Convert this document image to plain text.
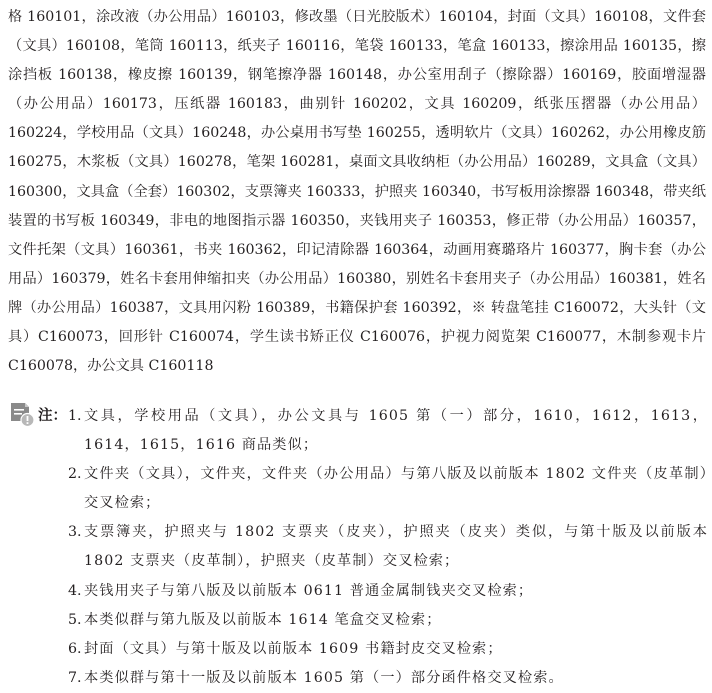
格 160101，涂改液（办公用品）160103，修改墨（日光胶版术）160104，封面（文具）160108，文件套（文具）160108，笔筒 160113，纸夹子 160116，笔袋 160133，笔盒 160133，擦涂用品 160135，擦涂挡板 160138，橡皮擦 160139，钢笔擦净器 160148，办公室用刮子（擦除器）160169，胶面增湿器（办公用品）160173，压纸器 160183，曲别针 160202，文具 160209，纸张压摺器（办公用品）160224，学校用品（文具）160248，办公桌用书写垫 160255，透明软片（文具）160262，办公用橡皮筋 160275，木浆板（文具）160278，笔架 160281，桌面文具收纳柜（办公用品）160289，文具盒（文具）160300，文具盒（全套）160302，支票簿夹 160333，护照夹 160340，书写板用涂擦器 160348，带夹纸装置的书写板 160349，非电的地图指示器 160350，夹钱用夹子 160353，修正带（办公用品）160357，文件托架（文具）160361，书夹 160362，印记清除器 160364，动画用赛璐珞片 160377，胸卡套（办公用品）160379，姓名卡套用伸缩扣夹（办公用品）160380，别姓名卡套用夹子（办公用品）160381，姓名牌（办公用品）160387，文具用闪粉 160389，书籍保护套 160392，※ 转盘笔挂 C160072，大头针（文具）C160073，回形针 C160074，学生读书矫正仪 C160076，护视力阅览架 C160077，木制参观卡片 C160078，办公文具 C160118

注： 1. 文具，学校用品（文具），办公文具与 1605 第（一）部分，1610，1612，1613，1614，1615，1616 商品类似；
2. 文件夹（文具），文件夹，文件夹（办公用品）与第八版及以前版本 1802 文件夹（皮革制）交叉检索；
3. 支票簿夹，护照夹与 1802 支票夹（皮夹），护照夹（皮夹）类似，与第十版及以前版本 1802 支票夹（皮革制），护照夹（皮革制）交叉检索；
4. 夹钱用夹子与第八版及以前版本 0611 普通金属制钱夹交叉检索；
5. 本类似群与第九版及以前版本 1614 笔盒交叉检索；
6. 封面（文具）与第十版及以前版本 1609 书籍封皮交叉检索；
7. 本类似群与第十一版及以前版本 1605 第（一）部分函件格交叉检索。
